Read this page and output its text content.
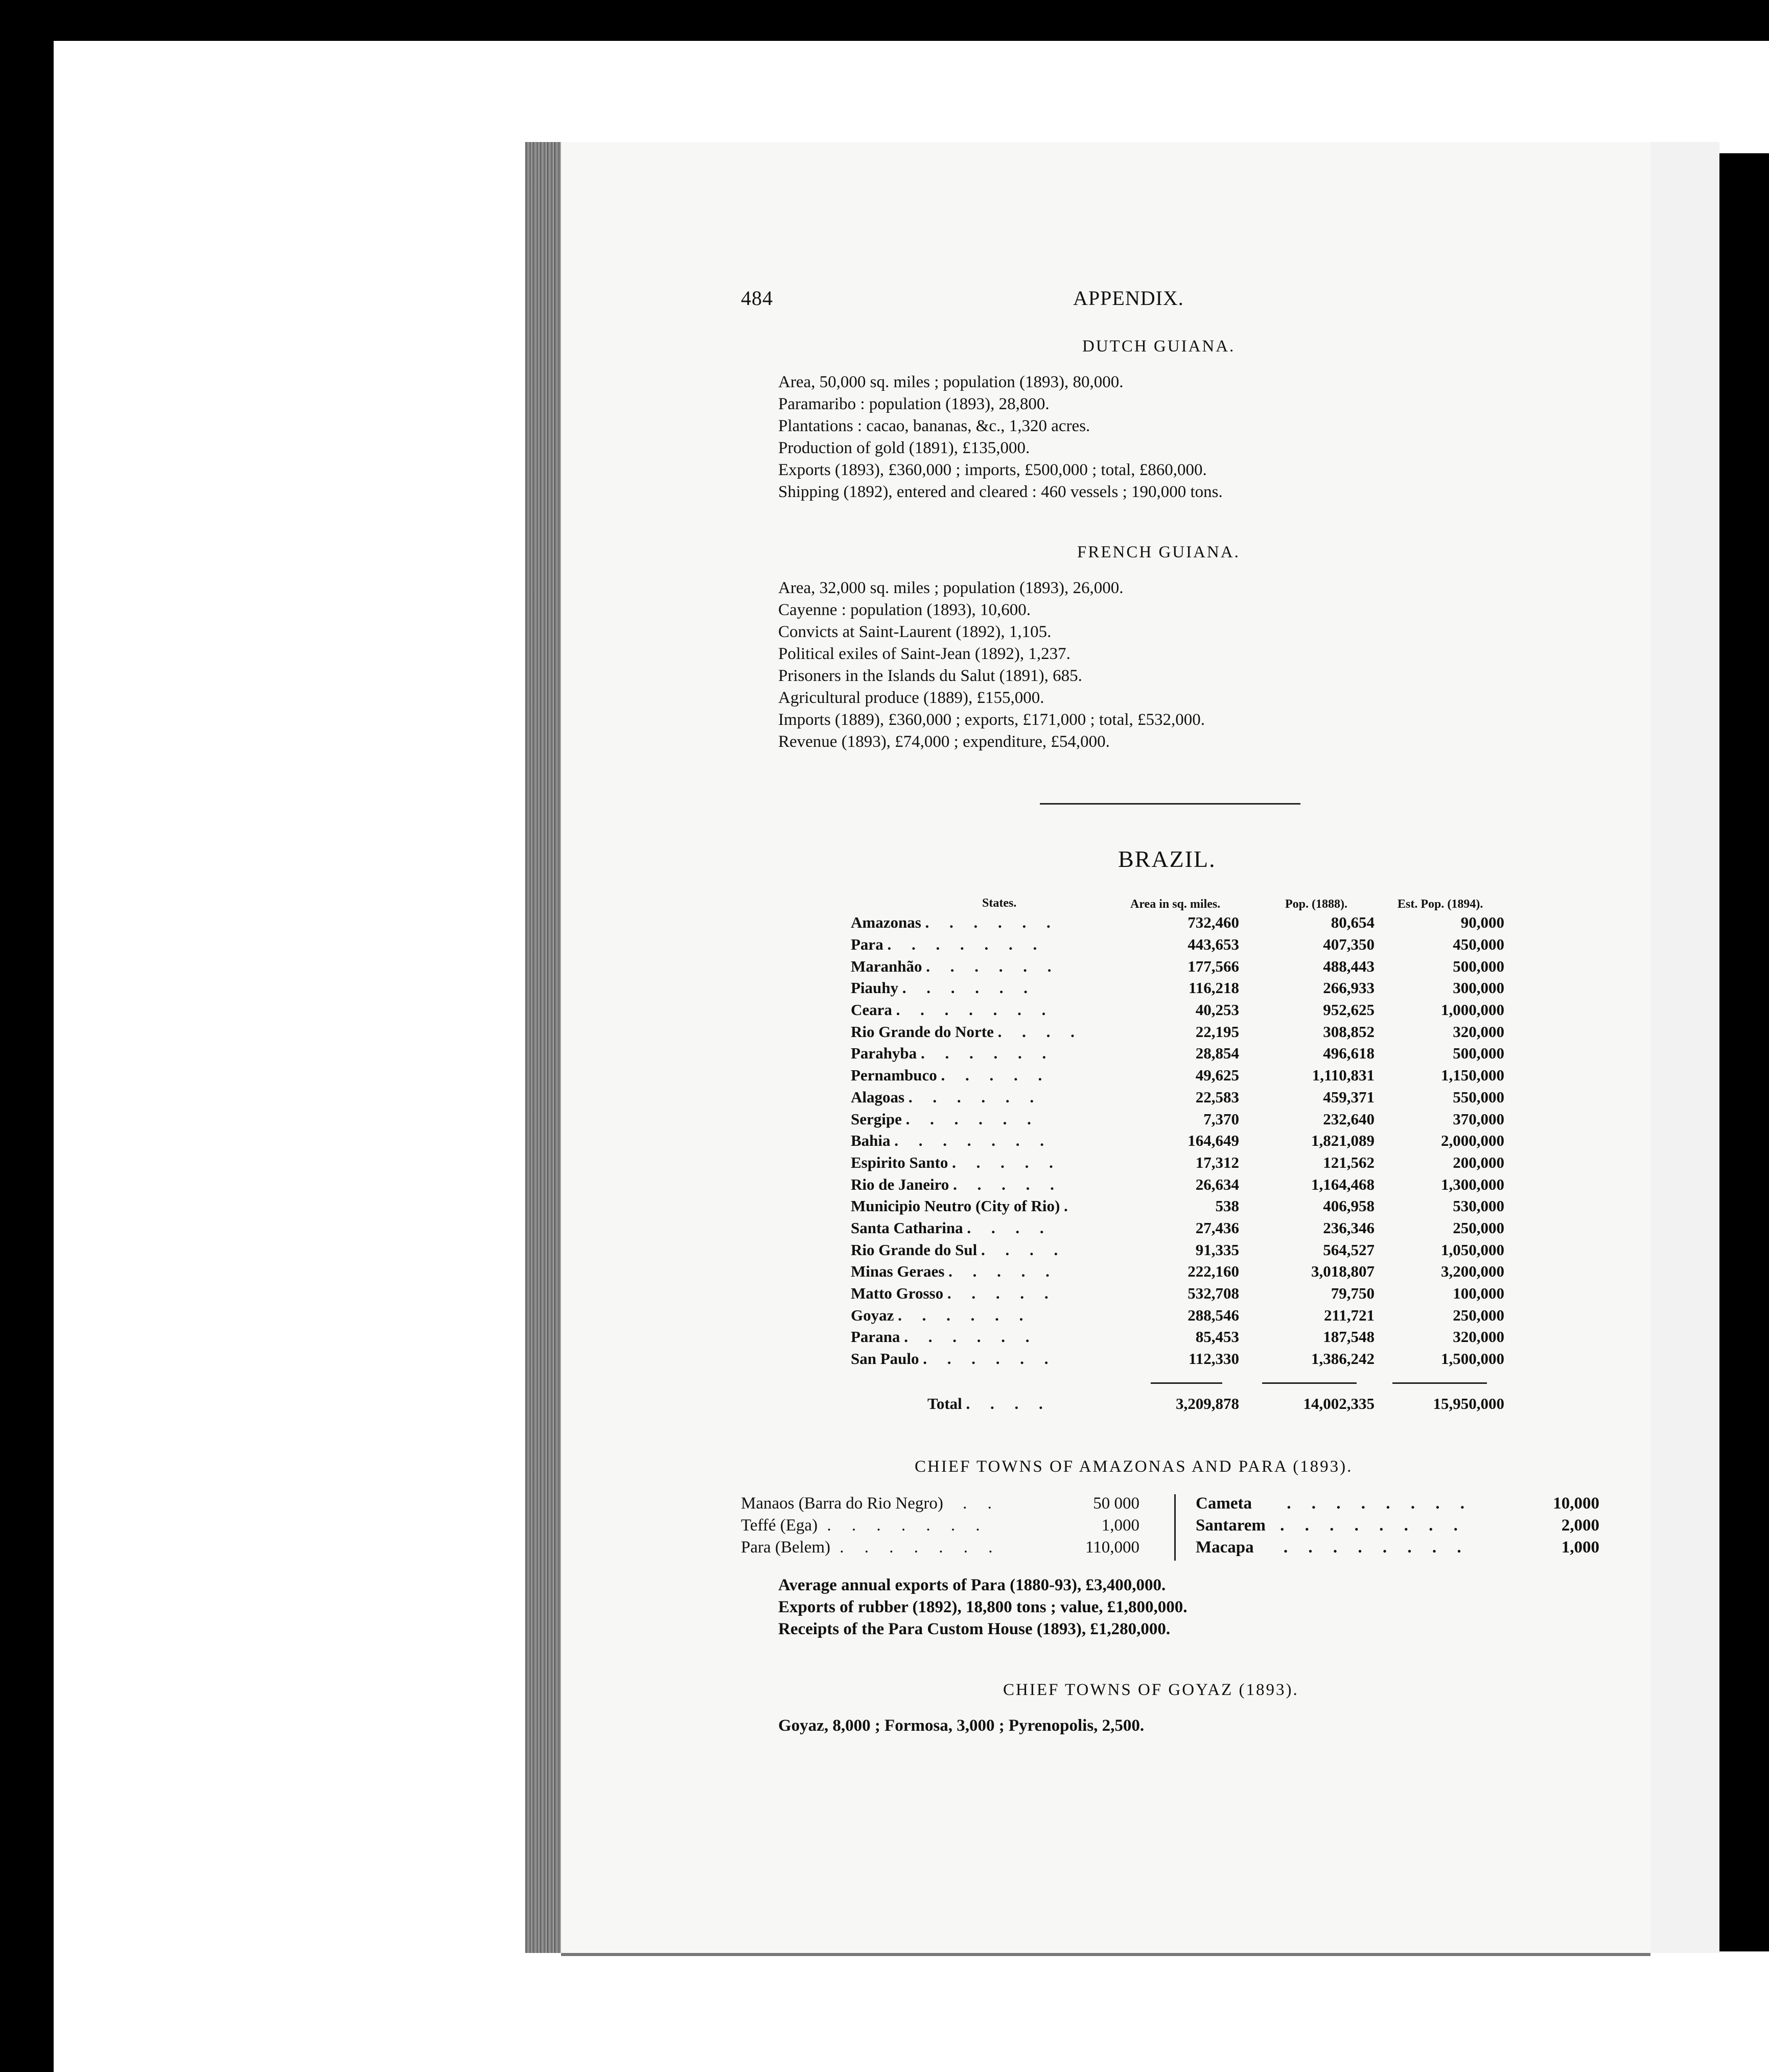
484	APPENDIX.
DUTCH GUIANA.
Area, 50,000 sq. miles ; population (1893), 80,000.
Paramaribo : population (1893), 28,800.
Plantations : cacao, bananas, &c., 1,320 acres.
Production of gold (1891), £135,000.
Exports (1893), £360,000 ; imports, £500,000 ; total, £860,000.
Shipping (1892), entered and cleared : 460 vessels ; 190,000 tons.
FRENCH GUIANA.
Area, 32,000 sq. miles ; population (1893), 26,000.
Cayenne : population (1893), 10,600.
Convicts at Saint-Laurent (1892), 1,105.
Political exiles of Saint-Jean (1892), 1,237.
Prisoners in the Islands du Salut (1891), 685.
Agricultural produce (1889), £155,000.
Imports (1889), £360,000 ; exports, £171,000 ; total, £532,000.
Revenue (1893), £74,000 ; expenditure, £54,000.
BRAZIL.
States.	Area in sq. miles.	Pop. (1888).	Est. Pop. (1894).
Amazonas . . . . . .	732,460	80,654	90,000
Para . . . . . . .	443,653	407,350	450,000
Maranhão . . . . . .	177,566	488,443	500,000
Piauhy . . . . . .	116,218	266,933	300,000
Ceara . . . . . . .	40,253	952,625	1,000,000
Rio Grande do Norte . . . .	22,195	308,852	320,000
Parahyba . . . . . .	28,854	496,618	500,000
Pernambuco . . . . .	49,625	1,110,831	1,150,000
Alagoas . . . . . .	22,583	459,371	550,000
Sergipe . . . . . .	7,370	232,640	370,000
Bahia . . . . . . .	164,649	1,821,089	2,000,000
Espirito Santo . . . . .	17,312	121,562	200,000
Rio de Janeiro . . . . .	26,634	1,164,468	1,300,000
Municipio Neutro (City of Rio) .	538	406,958	530,000
Santa Catharina . . . .	27,436	236,346	250,000
Rio Grande do Sul . . . .	91,335	564,527	1,050,000
Minas Geraes . . . . .	222,160	3,018,807	3,200,000
Matto Grosso . . . . .	532,708	79,750	100,000
Goyaz . . . . . .	288,546	211,721	250,000
Parana . . . . . .	85,453	187,548	320,000
San Paulo . . . . . .	112,330	1,386,242	1,500,000
Total . . . .	3,209,878	14,002,335	15,950,000
CHIEF TOWNS OF AMAZONAS AND PARA (1893).
Manaos (Barra do Rio Negro) . .	50 000
Teffé (Ega) . . . . . . .	1,000
Para (Belem) . . . . . . .	110,000
Cameta . . . . . . . .	10,000
Santarem . . . . . . . .	2,000
Macapa . . . . . . . .	1,000
Average annual exports of Para (1880-93), £3,400,000.
Exports of rubber (1892), 18,800 tons ; value, £1,800,000.
Receipts of the Para Custom House (1893), £1,280,000.
CHIEF TOWNS OF GOYAZ (1893).
Goyaz, 8,000 ; Formosa, 3,000 ; Pyrenopolis, 2,500.
